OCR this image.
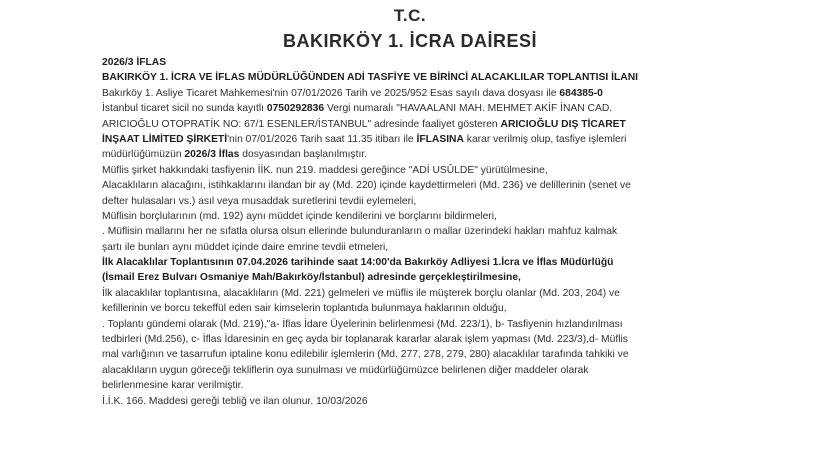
T.C.
BAKIRKÖY 1. İCRA DAİRESİ
2026/3 İFLAS
BAKIRKÖY 1. İCRA VE İFLAS MÜDÜRLÜĞÜNDEN ADİ TASFİYE VE BİRİNCİ ALACAKLILAR TOPLANTISI İLANI
Bakırköy 1. Asliye Ticaret Mahkemesi'nin 07/01/2026 Tarih ve 2025/952 Esas sayılı dava dosyası ile 684385-0
İstanbul ticaret sicil no sunda kayıtlı 0750292836 Vergi numaralı "HAVAALANI MAH. MEHMET AKİF İNAN CAD.
ARICIOĞLU OTOPRATİK NO: 67/1 ESENLER/İSTANBUL" adresinde faaliyet gösteren ARICIOĞLU DIŞ TİCARET
İNŞAAT LİMİTED ŞİRKETİ'nin 07/01/2026 Tarih saat 11.35 itibarı ile İFLASINA karar verilmiş olup, tasfiye işlemleri
müdürlüğümüzün 2026/3 İflas dosyasından başlanılmıştır.
Müflis şirket hakkındaki tasfiyenin İİK. nun 219. maddesi gereğince "ADİ USÛLDE" yürütülmesine,
Alacaklıların alacağını, istihkaklarını ilandan bir ay (Md. 220) içinde kaydettirmeleri (Md. 236) ve delillerinin (senet ve
defter hulasaları vs.) asıl veya musaddak suretlerini tevdii eylemeleri,
Müflisin borçlularının (md. 192) aynı müddet içinde kendilerini ve borçlarını bildirmeleri,
. Müflisin mallarını her ne sıfatla olursa olsun ellerinde bulunduranların o mallar üzerindeki hakları mahfuz kalmak
şartı ile bunları aynı müddet içinde daire emrine tevdii etmeleri,
İlk Alacaklılar Toplantısının 07.04.2026 tarihinde saat 14:00'da Bakırköy Adliyesi 1.İcra ve İflas Müdürlüğü
(İsmail Erez Bulvarı Osmaniye Mah/Bakırköy/İstanbul) adresinde gerçekleştirilmesine,
İlk alacaklılar toplantısına, alacaklıların (Md. 221) gelmeleri ve müflis ile müşterek borçlu olanlar (Md. 203, 204) ve
kefillerinin ve borcu tekeffül eden sair kimselerin toplantıda bulunmaya haklarının olduğu,
. Toplantı gündemi olarak (Md. 219),"a- İflas İdare Üyelerinin belirlenmesi (Md. 223/1), b- Tasfiyenin hızlandırılması
tedbirleri (Md.256), c- İflas İdaresinin en geç ayda bir toplanarak kararlar alarak işlem yapması (Md. 223/3),d- Müflis
mal varlığının ve tasarrufun iptaline konu edilebilir işlemlerin (Md. 277, 278, 279, 280) alacaklılar tarafında tahkiki ve
alacaklıların uygun göreceği tekliflerin oya sunulması ve müdürlüğümüzce belirlenen diğer maddeler olarak
belirlenmesine karar verilmiştir.
İ.İ.K. 166. Maddesi gereği tebliğ ve ilan olunur. 10/03/2026
